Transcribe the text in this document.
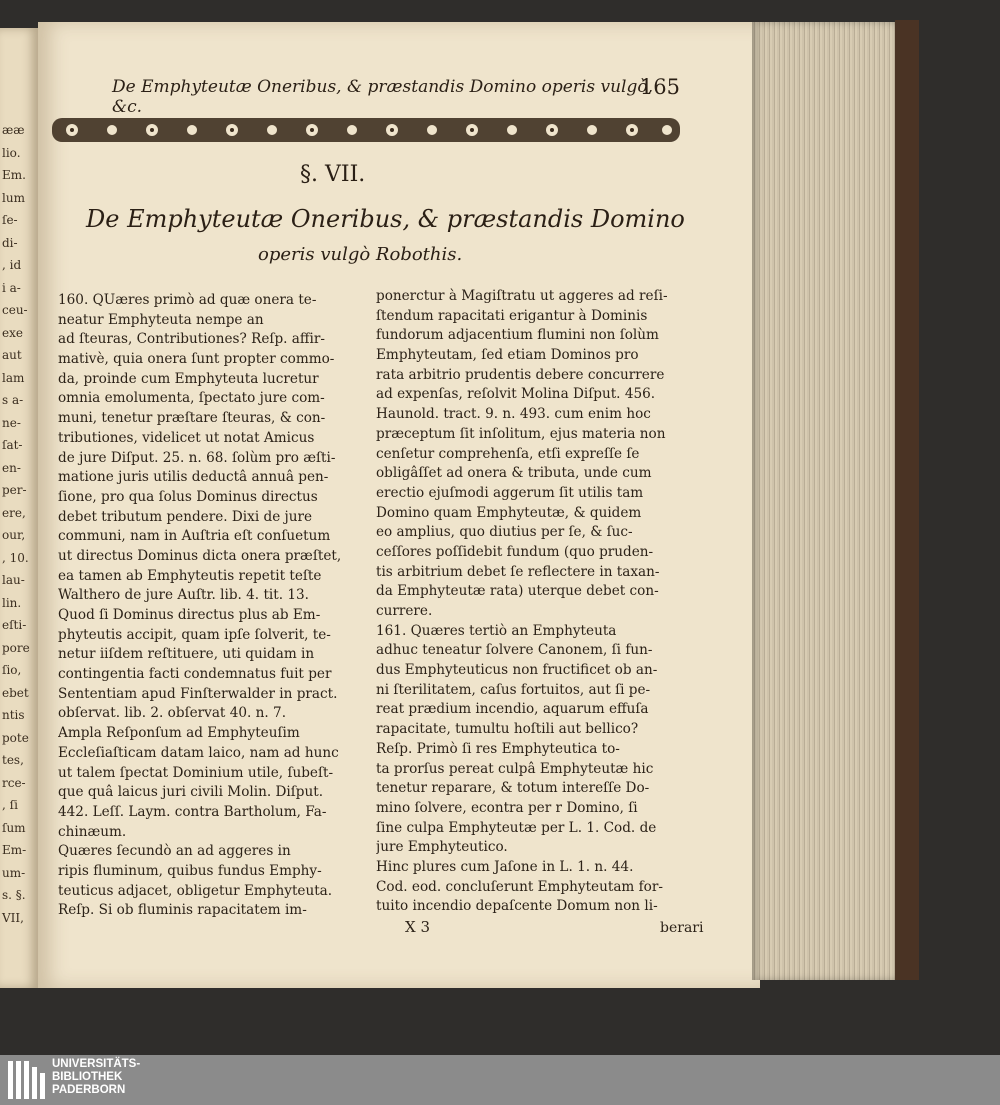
ææ
lio.
Em.
lum
ſe-
di-
, id
i a-
ceu-
exe
aut
lam
s a-
ne-
ſat-
en-
per-
ere,
our,
, 10.
lau-
lin.
eſti-
pore
ſio,
ebet
ntis
pote
tes,
rce-
, ſi
ſum
Em-
um-
s. §.
VII,
De Emphyteutæ Oneribus, & præstandis Domino operis vulgò, &c.
165
§. VII.
De Emphyteutæ Oneribus, & præstandis Domino
operis vulgò Robothis.
160. QUæres primò ad quæ onera te-
neatur Emphyteuta nempe an
ad ſteuras, Contributiones? Reſp. affir-
mativè, quia onera ſunt propter commo-
da, proinde cum Emphyteuta lucretur
omnia emolumenta, ſpectato jure com-
muni, tenetur præſtare ſteuras, & con-
tributiones, videlicet ut notat Amicus
de jure Diſput. 25. n. 68. ſolùm pro æſti-
matione juris utilis deductâ annuâ pen-
ſione, pro qua ſolus Dominus directus
debet tributum pendere. Dixi de jure
communi, nam in Auſtria eſt conſuetum
ut directus Dominus dicta onera præſtet,
ea tamen ab Emphyteutis repetit teſte
Walthero de jure Auſtr. lib. 4. tit. 13.
Quod ſi Dominus directus plus ab Em-
phyteutis accipit, quam ipſe ſolverit, te-
netur iiſdem reſtituere, uti quidam in
contingentia facti condemnatus fuit per
Sententiam apud Finſterwalder in pract.
obſervat. lib. 2. obſervat 40. n. 7.
Ampla Reſponſum ad Emphyteuſim
Eccleſiaſticam datam laico, nam ad hunc
ut talem ſpectat Dominium utile, ſubeſt-
que quâ laicus juri civili Molin. Diſput.
442. Leſſ. Laym. contra Bartholum, Fa-
chinæum.
Quæres ſecundò an ad aggeres in
ripis fluminum, quibus fundus Emphy-
teuticus adjacet, obligetur Emphyteuta.
Reſp. Si ob fluminis rapacitatem im-
ponerctur à Magiſtratu ut aggeres ad reſi-
ſtendum rapacitati erigantur à Dominis
fundorum adjacentium flumini non ſolùm
Emphyteutam, ſed etiam Dominos pro
rata arbitrio prudentis debere concurrere
ad expenſas, reſolvit Molina Diſput. 456.
Haunold. tract. 9. n. 493. cum enim hoc
præceptum ſit inſolitum, ejus materia non
cenſetur comprehenſa, etſi expreſſe ſe
obligâſſet ad onera & tributa, unde cum
erectio ejuſmodi aggerum ſit utilis tam
Domino quam Emphyteutæ, & quidem
eo amplius, quo diutius per ſe, & ſuc-
ceſſores poſſidebit fundum (quo pruden-
tis arbitrium debet ſe reflectere in taxan-
da Emphyteutæ rata) uterque debet con-
currere.
161. Quæres tertiò an Emphyteuta
adhuc teneatur ſolvere Canonem, ſi fun-
dus Emphyteuticus non fructificet ob an-
ni ſterilitatem, caſus fortuitos, aut ſi pe-
reat prædium incendio, aquarum effuſa
rapacitate, tumultu hoſtili aut bellico?
Reſp. Primò ſi res Emphyteutica to-
ta prorſus pereat culpâ Emphyteutæ hic
tenetur reparare, & totum intereſſe Do-
mino ſolvere, econtra per r Domino, ſi
ſine culpa Emphyteutæ per L. 1. Cod. de
jure Emphyteutico.
Hinc plures cum Jaſone in L. 1. n. 44.
Cod. eod. concluſerunt Emphyteutam for-
tuito incendio depaſcente Domum non li-
X 3	berari
UNIVERSITÄTS-
BIBLIOTHEK
PADERBORN
